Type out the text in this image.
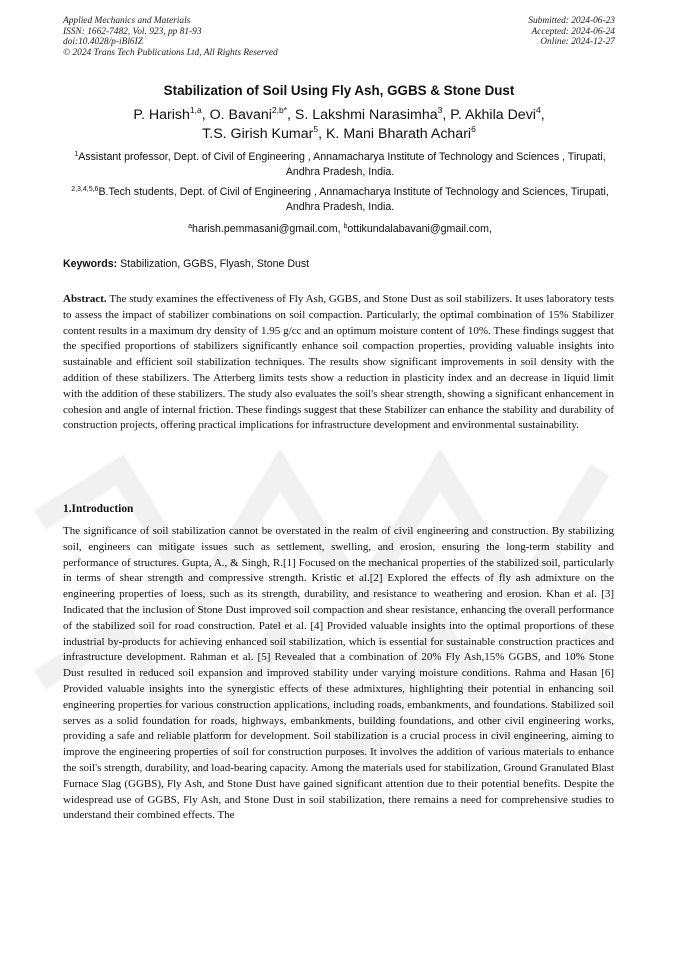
Applied Mechanics and Materials
ISSN: 1662-7482, Vol. 923, pp 81-93
doi:10.4028/p-iBl6IZ
© 2024 Trans Tech Publications Ltd, All Rights Reserved
Submitted: 2024-06-23
Accepted: 2024-06-24
Online: 2024-12-27
Stabilization of Soil Using Fly Ash, GGBS & Stone Dust
P. Harish$^{1,a}$, O. Bavani$^{2,b*}$, S. Lakshmi Narasimha$^3$, P. Akhila Devi$^4$,
T.S. Girish Kumar$^5$, K. Mani Bharath Achari$^6$
$^1$Assistant professor, Dept. of Civil of Engineering , Annamacharya Institute of Technology and Sciences , Tirupati, Andhra Pradesh, India.
$^{2,3,4,5,6}$B.Tech students, Dept. of Civil of Engineering , Annamacharya Institute of Technology and Sciences, Tirupati, Andhra Pradesh, India.
$^a$harish.pemmasani@gmail.com, $^b$ottikundalabavani@gmail.com,
Keywords: Stabilization, GGBS, Flyash, Stone Dust
Abstract. The study examines the effectiveness of Fly Ash, GGBS, and Stone Dust as soil stabilizers. It uses laboratory tests to assess the impact of stabilizer combinations on soil compaction. Particularly, the optimal combination of 15% Stabilizer content results in a maximum dry density of 1.95 g/cc and an optimum moisture content of 10%. These findings suggest that the specified proportions of stabilizers significantly enhance soil compaction properties, providing valuable insights into sustainable and efficient soil stabilization techniques. The results show significant improvements in soil density with the addition of these stabilizers. The Atterberg limits tests show a reduction in plasticity index and an decrease in liquid limit with the addition of these stabilizers. The study also evaluates the soil's shear strength, showing a significant enhancement in cohesion and angle of internal friction. These findings suggest that these Stabilizer can enhance the stability and durability of construction projects, offering practical implications for infrastructure development and environmental sustainability.
1.Introduction
The significance of soil stabilization cannot be overstated in the realm of civil engineering and construction. By stabilizing soil, engineers can mitigate issues such as settlement, swelling, and erosion, ensuring the long-term stability and performance of structures. Gupta, A., & Singh, R.[1] Focused on the mechanical properties of the stabilized soil, particularly in terms of shear strength and compressive strength. Kristic et al.[2] Explored the effects of fly ash admixture on the engineering properties of loess, such as its strength, durability, and resistance to weathering and erosion. Khan et al. [3] Indicated that the inclusion of Stone Dust improved soil compaction and shear resistance, enhancing the overall performance of the stabilized soil for road construction. Patel et al. [4] Provided valuable insights into the optimal proportions of these industrial by-products for achieving enhanced soil stabilization, which is essential for sustainable construction practices and infrastructure development. Rahman et al. [5] Revealed that a combination of 20% Fly Ash,15% GGBS, and 10% Stone Dust resulted in reduced soil expansion and improved stability under varying moisture conditions. Rahma and Hasan [6] Provided valuable insights into the synergistic effects of these admixtures, highlighting their potential in enhancing soil engineering properties for various construction applications, including roads, embankments, and foundations. Stabilized soil serves as a solid foundation for roads, highways, embankments, building foundations, and other civil engineering works, providing a safe and reliable platform for development. Soil stabilization is a crucial process in civil engineering, aiming to improve the engineering properties of soil for construction purposes. It involves the addition of various materials to enhance the soil's strength, durability, and load-bearing capacity. Among the materials used for stabilization, Ground Granulated Blast Furnace Slag (GGBS), Fly Ash, and Stone Dust have gained significant attention due to their potential benefits. Despite the widespread use of GGBS, Fly Ash, and Stone Dust in soil stabilization, there remains a need for comprehensive studies to understand their combined effects. The
